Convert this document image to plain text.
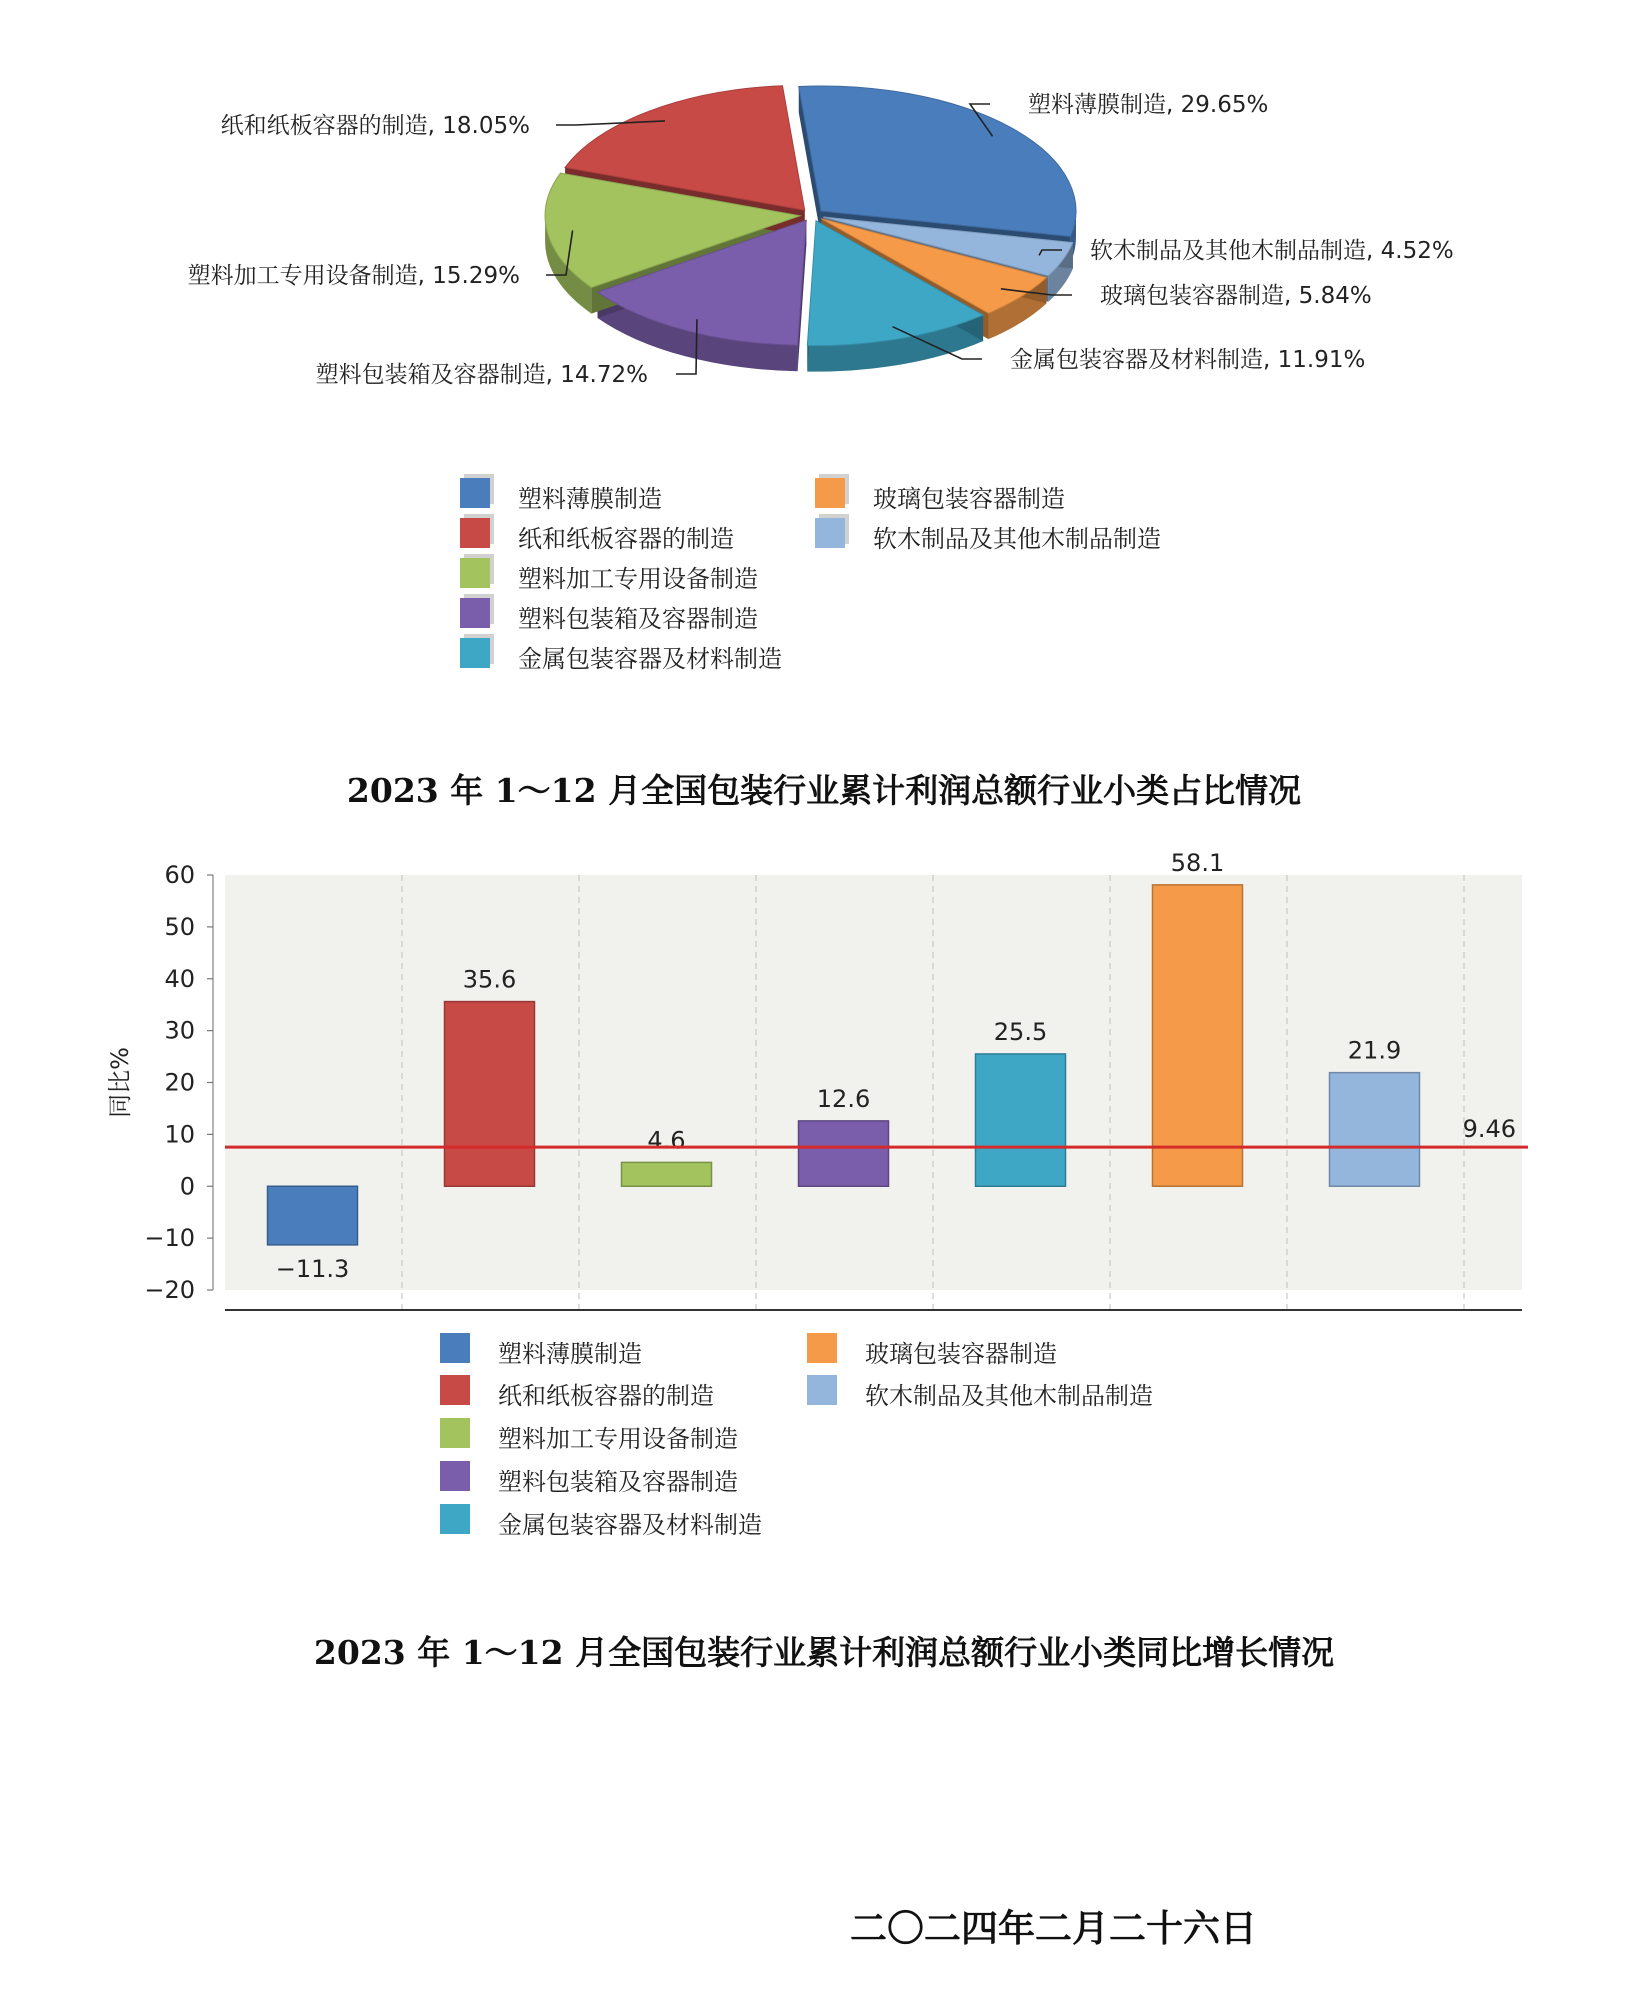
塑料薄膜制造, 29.65%
软木制品及其他木制品制造, 4.52%
玻璃包装容器制造, 5.84%
金属包装容器及材料制造, 11.91%
塑料包装箱及容器制造, 14.72%
塑料加工专用设备制造, 15.29%
纸和纸板容器的制造, 18.05%
塑料薄膜制造
纸和纸板容器的制造
塑料加工专用设备制造
塑料包装箱及容器制造
金属包装容器及材料制造
玻璃包装容器制造
软木制品及其他木制品制造

2023 年 1～12 月全国包装行业累计利润总额行业小类占比情况

60
50
40
30
20
10
0
−10
−20
同比%
−11.3
35.6
4.6
12.6
25.5
58.1
21.9
9.46
塑料薄膜制造
纸和纸板容器的制造
塑料加工专用设备制造
塑料包装箱及容器制造
金属包装容器及材料制造
玻璃包装容器制造
软木制品及其他木制品制造

2023 年 1～12 月全国包装行业累计利润总额行业小类同比增长情况

二〇二四年二月二十六日
